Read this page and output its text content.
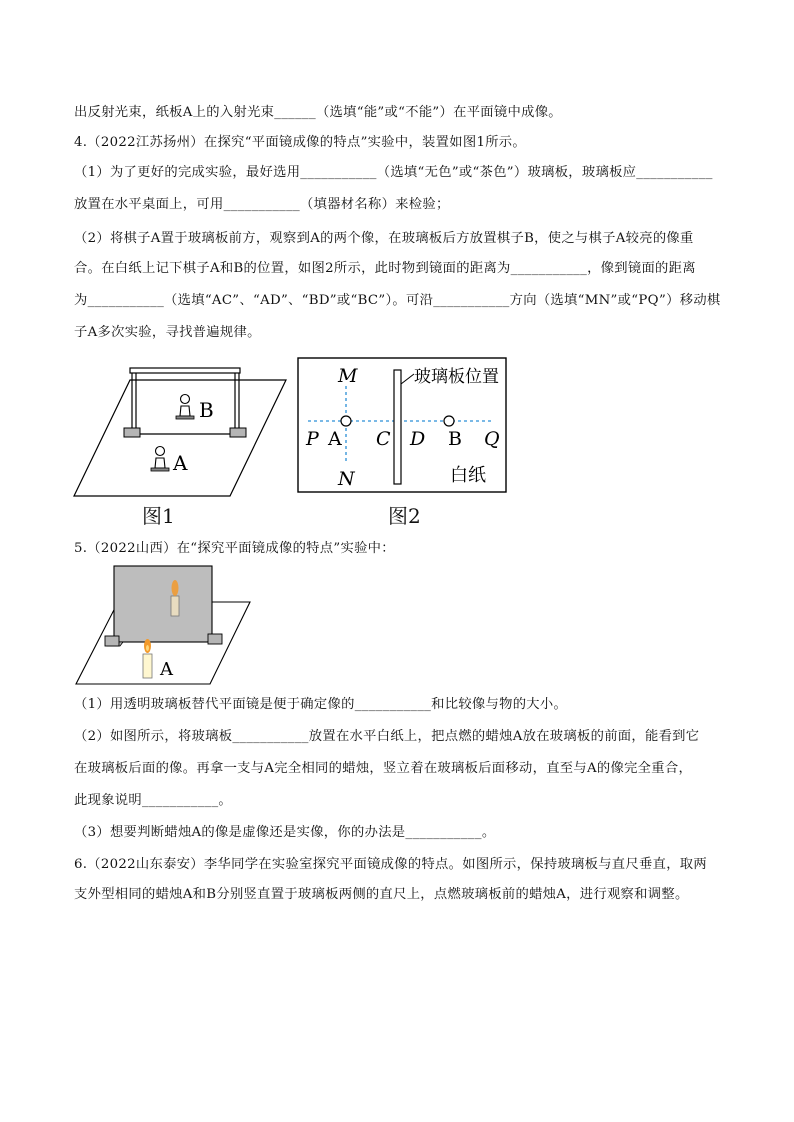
出反射光束，纸板A上的入射光束______（选填“能”或“不能”）在平面镜中成像。
4.（2022江苏扬州）在探究“平面镜成像的特点”实验中，装置如图1所示。
（1）为了更好的完成实验，最好选用___________（选填“无色”或“茶色”）玻璃板，玻璃板应___________
放置在水平桌面上，可用___________（填器材名称）来检验；
（2）将棋子A置于玻璃板前方，观察到A的两个像，在玻璃板后方放置棋子B，使之与棋子A较亮的像重
合。在白纸上记下棋子A和B的位置，如图2所示，此时物到镜面的距离为___________，像到镜面的距离
为___________（选填“AC”、“AD”、“BD”或“BC”）。可沿___________方向（选填“MN”或“PQ”）移动棋
子A多次实验，寻找普遍规律。
B
A
图1
M
N
P	Q
A C D B
玻璃板位置
白纸
图2
5.（2022山西）在“探究平面镜成像的特点”实验中：
A
（1）用透明玻璃板替代平面镜是便于确定像的___________和比较像与物的大小。
（2）如图所示，将玻璃板___________放置在水平白纸上，把点燃的蜡烛A放在玻璃板的前面，能看到它
在玻璃板后面的像。再拿一支与A完全相同的蜡烛，竖立着在玻璃板后面移动，直至与A的像完全重合，
此现象说明___________。
（3）想要判断蜡烛A的像是虚像还是实像，你的办法是___________。
6.（2022山东泰安）李华同学在实验室探究平面镜成像的特点。如图所示，保持玻璃板与直尺垂直，取两
支外型相同的蜡烛A和B分别竖直置于玻璃板两侧的直尺上，点燃玻璃板前的蜡烛A，进行观察和调整。
